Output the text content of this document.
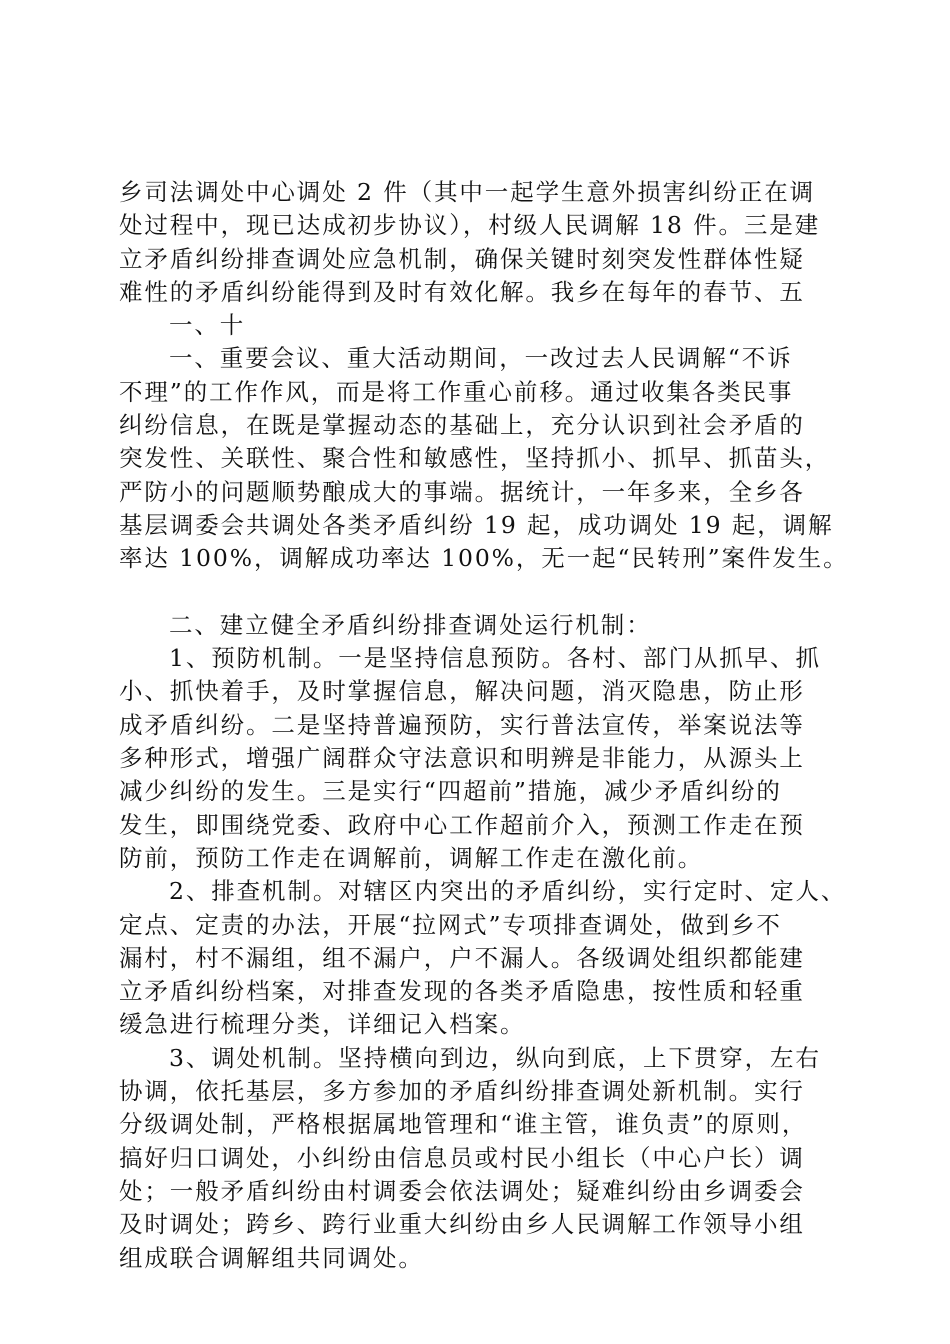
乡司法调处中心调处 2 件（其中一起学生意外损害纠纷正在调
处过程中，现已达成初步协议），村级人民调解 18 件。三是建
立矛盾纠纷排查调处应急机制，确保关键时刻突发性群体性疑
难性的矛盾纠纷能得到及时有效化解。我乡在每年的春节、五
一、十
一、重要会议、重大活动期间，一改过去人民调解“不诉
不理”的工作作风，而是将工作重心前移。通过收集各类民事
纠纷信息，在既是掌握动态的基础上，充分认识到社会矛盾的
突发性、关联性、聚合性和敏感性，坚持抓小、抓早、抓苗头，
严防小的问题顺势酿成大的事端。据统计，一年多来，全乡各
基层调委会共调处各类矛盾纠纷 19 起，成功调处 19 起，调解
率达 100%，调解成功率达 100%，无一起“民转刑”案件发生。
二、建立健全矛盾纠纷排查调处运行机制：
1、预防机制。一是坚持信息预防。各村、部门从抓早、抓
小、抓快着手，及时掌握信息，解决问题，消灭隐患，防止形
成矛盾纠纷。二是坚持普遍预防，实行普法宣传，举案说法等
多种形式，增强广阔群众守法意识和明辨是非能力，从源头上
减少纠纷的发生。三是实行“四超前”措施，减少矛盾纠纷的
发生，即围绕党委、政府中心工作超前介入，预测工作走在预
防前，预防工作走在调解前，调解工作走在激化前。
2、排查机制。对辖区内突出的矛盾纠纷，实行定时、定人、
定点、定责的办法，开展“拉网式”专项排查调处，做到乡不
漏村，村不漏组，组不漏户，户不漏人。各级调处组织都能建
立矛盾纠纷档案，对排查发现的各类矛盾隐患，按性质和轻重
缓急进行梳理分类，详细记入档案。
3、调处机制。坚持横向到边，纵向到底，上下贯穿，左右
协调，依托基层，多方参加的矛盾纠纷排查调处新机制。实行
分级调处制，严格根据属地管理和“谁主管，谁负责”的原则，
搞好归口调处，小纠纷由信息员或村民小组长（中心户长）调
处；一般矛盾纠纷由村调委会依法调处；疑难纠纷由乡调委会
及时调处；跨乡、跨行业重大纠纷由乡人民调解工作领导小组
组成联合调解组共同调处。
